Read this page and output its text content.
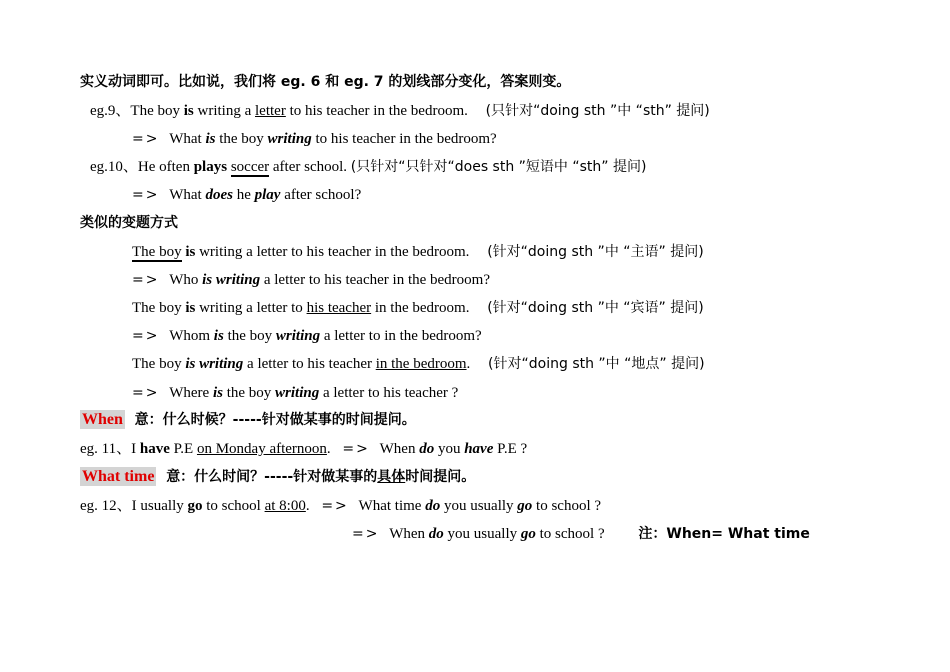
实义动词即可。比如说，我们将 eg. 6 和 eg. 7 的划线部分变化，答案则变。
eg.9、The boy is writing a letter to his teacher in the bedroom. (只针对“doing sth ”中 “sth” 提问)
=> What is the boy writing to his teacher in the bedroom?
eg.10、He often plays soccer after school. (只针对“只针对“does sth ”短语中 “sth” 提问)
=> What does he play after school?
类似的变题方式
The boy is writing a letter to his teacher in the bedroom. (针对“doing sth ”中 “主语” 提问)
=> Who is writing a letter to his teacher in the bedroom?
The boy is writing a letter to his teacher in the bedroom. (针对“doing sth ”中 “宾语” 提问)
=> Whom is the boy writing a letter to in the bedroom?
The boy is writing a letter to his teacher in the bedroom. (针对“doing sth ”中 “地点” 提问)
=> Where is the boy writing a letter to his teacher ?
When 意：什么时候？-----针对做某事的时间提问。
eg. 11、I have P.E on Monday afternoon. => When do you have P.E ?
What time 意：什么时间？-----针对做某事的具体时间提问。
eg. 12、I usually go to school at 8:00. => What time do you usually go to school ?
=> When do you usually go to school ? 注：When= What time
